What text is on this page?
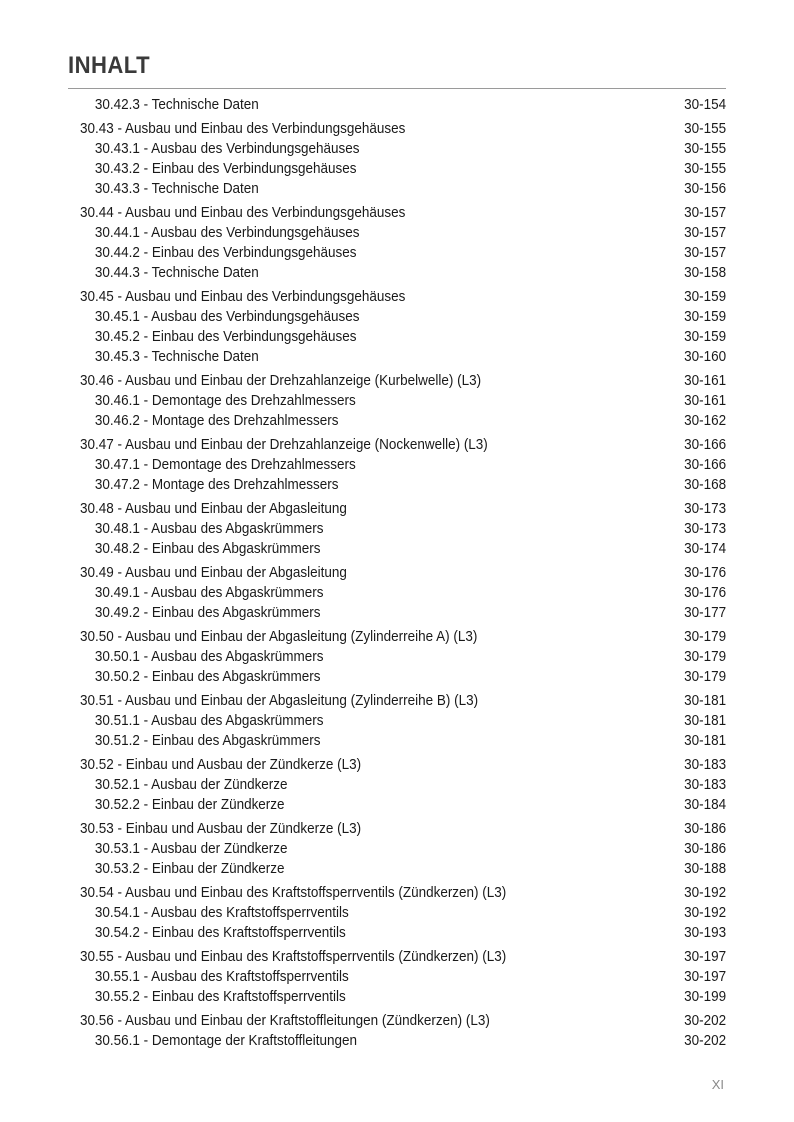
INHALT
30.42.3 - Technische Daten	30-154
30.43 - Ausbau und Einbau des Verbindungsgehäuses	30-155
30.43.1 - Ausbau des Verbindungsgehäuses	30-155
30.43.2 - Einbau des Verbindungsgehäuses	30-155
30.43.3 - Technische Daten	30-156
30.44 - Ausbau und Einbau des Verbindungsgehäuses	30-157
30.44.1 - Ausbau des Verbindungsgehäuses	30-157
30.44.2 - Einbau des Verbindungsgehäuses	30-157
30.44.3 - Technische Daten	30-158
30.45 - Ausbau und Einbau des Verbindungsgehäuses	30-159
30.45.1 - Ausbau des Verbindungsgehäuses	30-159
30.45.2 - Einbau des Verbindungsgehäuses	30-159
30.45.3 - Technische Daten	30-160
30.46 - Ausbau und Einbau der Drehzahlanzeige (Kurbelwelle) (L3)	30-161
30.46.1 - Demontage des Drehzahlmessers	30-161
30.46.2 - Montage des Drehzahlmessers	30-162
30.47 - Ausbau und Einbau der Drehzahlanzeige (Nockenwelle) (L3)	30-166
30.47.1 - Demontage des Drehzahlmessers	30-166
30.47.2 - Montage des Drehzahlmessers	30-168
30.48 - Ausbau und Einbau der Abgasleitung	30-173
30.48.1 - Ausbau des Abgaskrümmers	30-173
30.48.2 - Einbau des Abgaskrümmers	30-174
30.49 - Ausbau und Einbau der Abgasleitung	30-176
30.49.1 - Ausbau des Abgaskrümmers	30-176
30.49.2 - Einbau des Abgaskrümmers	30-177
30.50 - Ausbau und Einbau der Abgasleitung (Zylinderreihe A) (L3)	30-179
30.50.1 - Ausbau des Abgaskrümmers	30-179
30.50.2 - Einbau des Abgaskrümmers	30-179
30.51 - Ausbau und Einbau der Abgasleitung (Zylinderreihe B) (L3)	30-181
30.51.1 - Ausbau des Abgaskrümmers	30-181
30.51.2 - Einbau des Abgaskrümmers	30-181
30.52 - Einbau und Ausbau der Zündkerze (L3)	30-183
30.52.1 - Ausbau der Zündkerze	30-183
30.52.2 - Einbau der Zündkerze	30-184
30.53 - Einbau und Ausbau der Zündkerze (L3)	30-186
30.53.1 - Ausbau der Zündkerze	30-186
30.53.2 - Einbau der Zündkerze	30-188
30.54 - Ausbau und Einbau des Kraftstoffsperrventils (Zündkerzen) (L3)	30-192
30.54.1 - Ausbau des Kraftstoffsperrventils	30-192
30.54.2 - Einbau des Kraftstoffsperrventils	30-193
30.55 - Ausbau und Einbau des Kraftstoffsperrventils (Zündkerzen) (L3)	30-197
30.55.1 - Ausbau des Kraftstoffsperrventils	30-197
30.55.2 - Einbau des Kraftstoffsperrventils	30-199
30.56 - Ausbau und Einbau der Kraftstoffleitungen (Zündkerzen) (L3)	30-202
30.56.1 - Demontage der Kraftstoffleitungen	30-202
XI
